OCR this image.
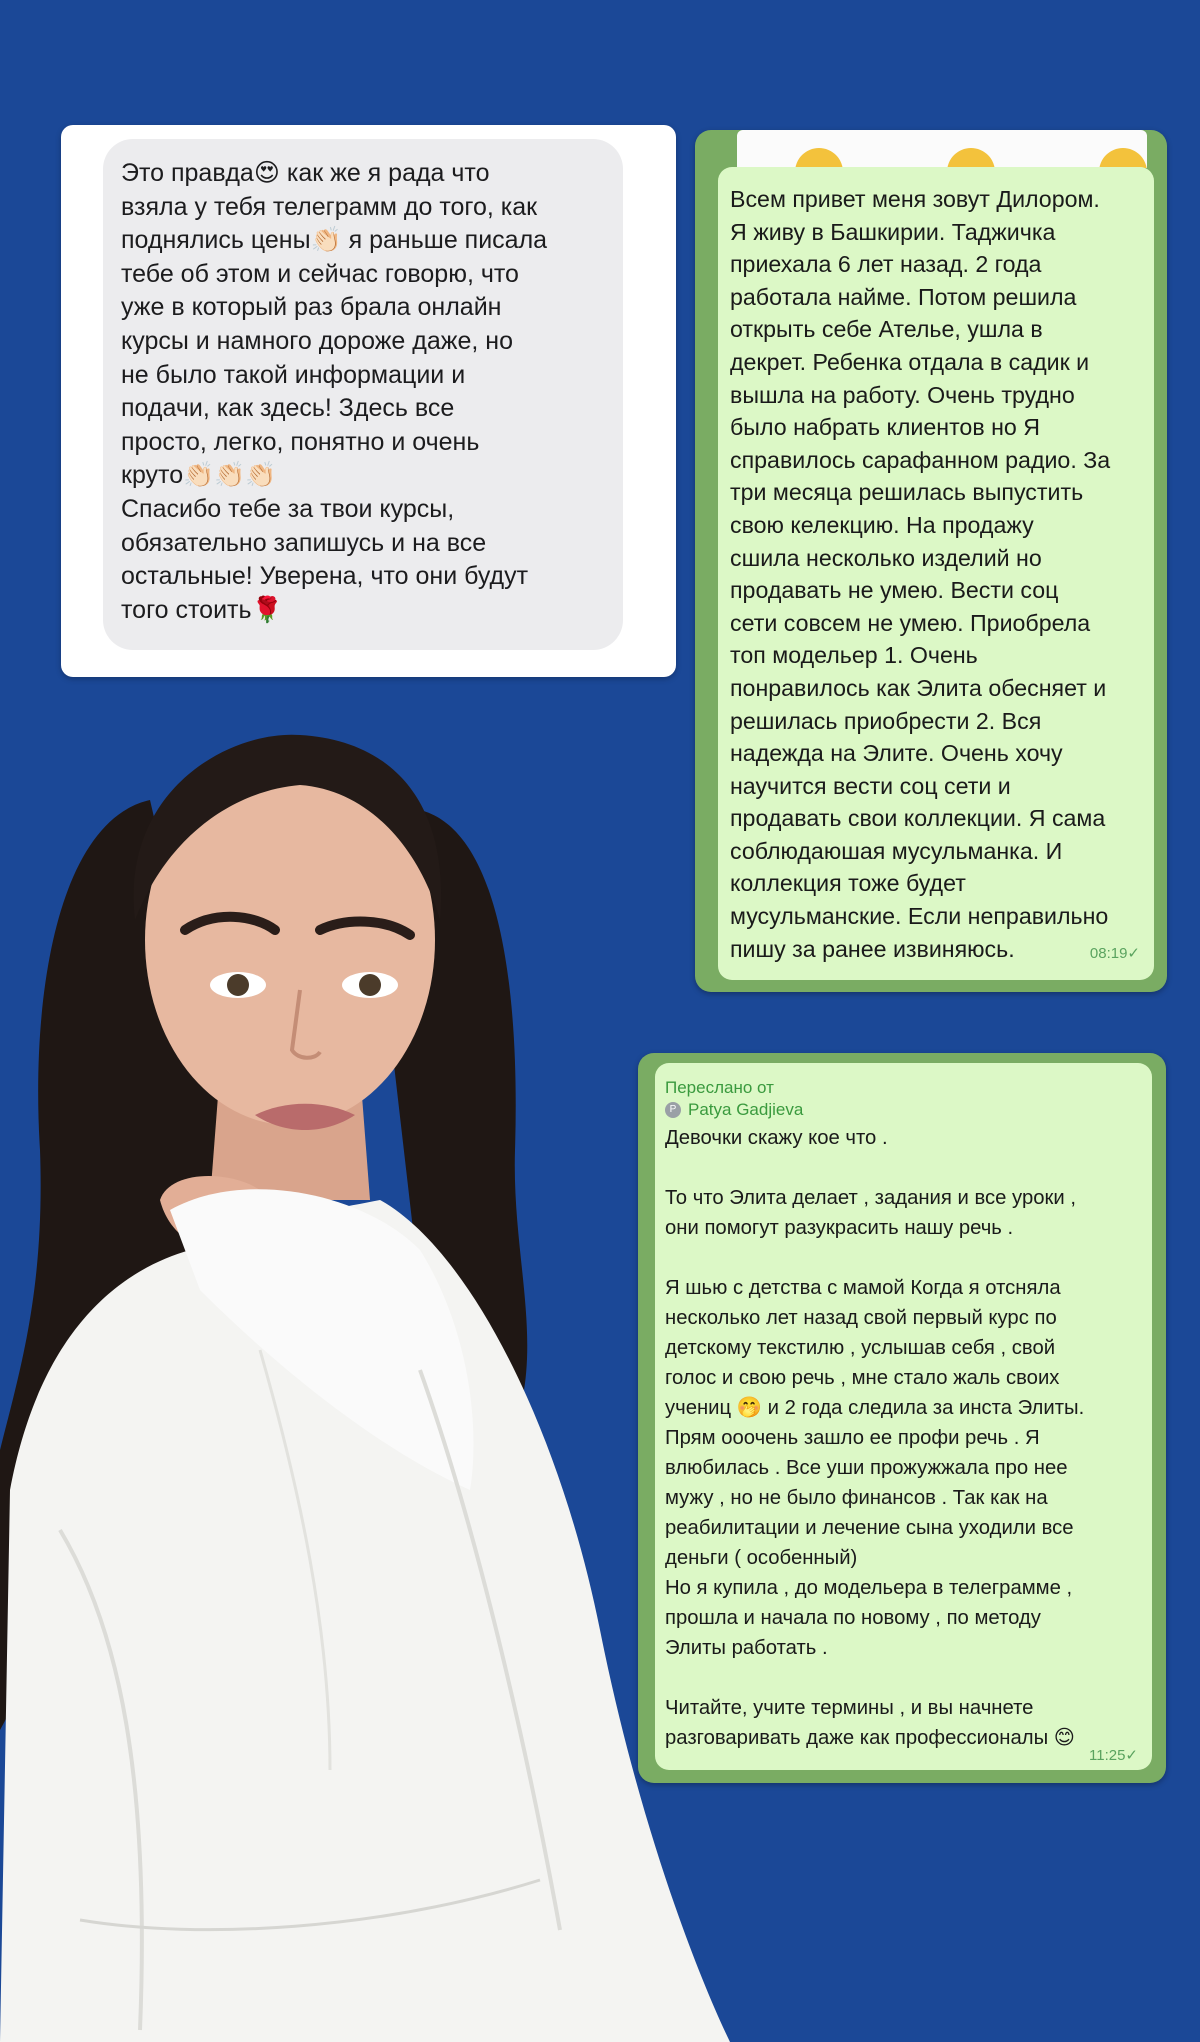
Это правда😍 как же я рада что
взяла у тебя телеграмм до того, как
поднялись цены👏🏻 я раньше писала
тебе об этом и сейчас говорю, что
уже в который раз брала онлайн
курсы и намного дороже даже, но
не было такой информации и
подачи, как здесь! Здесь все
просто, легко, понятно и очень
круто👏🏻👏🏻👏🏻
Спасибо тебе за твои курсы,
обязательно запишусь и на все
остальные! Уверена, что они будут
того стоить🌹

Всем привет меня зовут Дилором.
Я живу в Башкирии. Таджичка
приехала 6 лет назад. 2 года
работала найме. Потом решила
открыть себе Ателье, ушла в
декрет. Ребенка отдала в садик и
вышла на работу. Очень трудно
было набрать клиентов но Я
справилось сарафанном радио. За
три месяца решилась выпустить
свою келекцию. На продажу
сшила несколько изделий но
продавать не умею. Вести соц
сети совсем не умею. Приобрела
топ модельер 1. Очень
понравилось как Элита обесняет и
решилась приобрести 2. Вся
надежда на Элите. Очень хочу
научится вести соц сети и
продавать свои коллекции. Я сама
соблюдаюшая мусульманка. И
коллекция тоже будет
мусульманские. Если неправильно
пишу за ранее извиняюсь.	08:19✓
Переслано от
P Patya Gadjieva

Девочки скажу кое что .

То что Элита делает , задания и все уроки ,
они помогут разукрасить нашу речь .

Я шью с детства с мамой Когда я отсняла
несколько лет назад свой первый курс по
детскому текстилю , услышав себя , свой
голос и свою речь , мне стало жаль своих
учениц 🤭 и 2 года следила за инста Элиты.
Прям ооочень зашло ее профи речь . Я
влюбилась . Все уши прожужжала про нее
мужу , но не было финансов . Так как на
реабилитации и лечение сына уходили все
деньги ( особенный)
Но я купила , до модельера в телеграмме ,
прошла и начала по новому , по методу
Элиты работать .

Читайте, учите термины , и вы начнете
разговаривать даже как профессионалы 😊

11:25✓
